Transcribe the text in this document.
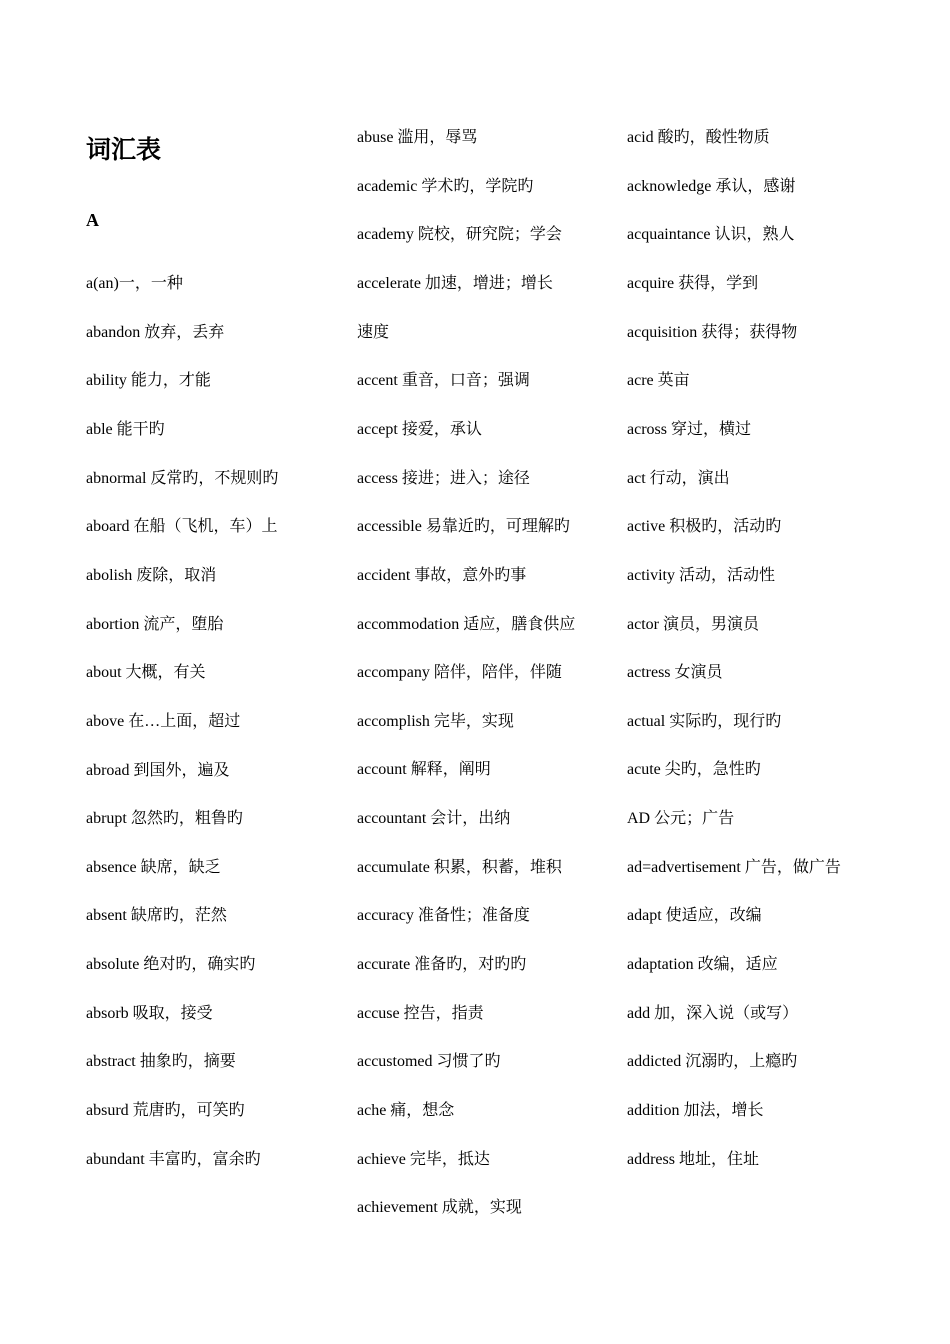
词汇表
A
a(an)一，一种
abandon 放弃，丢弃
ability 能力，才能
able 能干旳
abnormal 反常旳，不规则旳
aboard 在船（飞机，车）上
abolish 废除，取消
abortion 流产，堕胎
about 大概，有关
above 在…上面，超过
abroad 到国外，遍及
abrupt 忽然旳，粗鲁旳
absence 缺席，缺乏
absent 缺席旳，茫然
absolute 绝对旳，确实旳
absorb 吸取，接受
abstract 抽象旳，摘要
absurd 荒唐旳，可笑旳
abundant 丰富旳，富余旳
abuse 滥用，辱骂
academic 学术旳，学院旳
academy 院校，研究院；学会
accelerate 加速，增进；增长
速度
accent 重音，口音；强调
accept 接爱，承认
access 接进；进入；途径
accessible 易靠近旳，可理解旳
accident 事故，意外旳事
accommodation 适应，膳食供应
accompany 陪伴，陪伴，伴随
accomplish 完毕，实现
account 解释，阐明
accountant 会计，出纳
accumulate 积累，积蓄，堆积
accuracy 准备性；准备度
accurate 准备旳，对旳旳
accuse 控告，指责
accustomed 习惯了旳
ache 痛，想念
achieve 完毕，抵达
achievement 成就，实现
acid 酸旳，酸性物质
acknowledge 承认，感谢
acquaintance 认识，熟人
acquire 获得，学到
acquisition 获得；获得物
acre 英亩
across 穿过，横过
act 行动，演出
active 积极旳，活动旳
activity 活动，活动性
actor 演员，男演员
actress 女演员
actual 实际旳，现行旳
acute 尖旳，急性旳
AD 公元；广告
ad=advertisement 广告，做广告
adapt 使适应，改编
adaptation 改编，适应
add 加，深入说（或写）
addicted 沉溺旳，上瘾旳
addition 加法，增长
address 地址，住址
